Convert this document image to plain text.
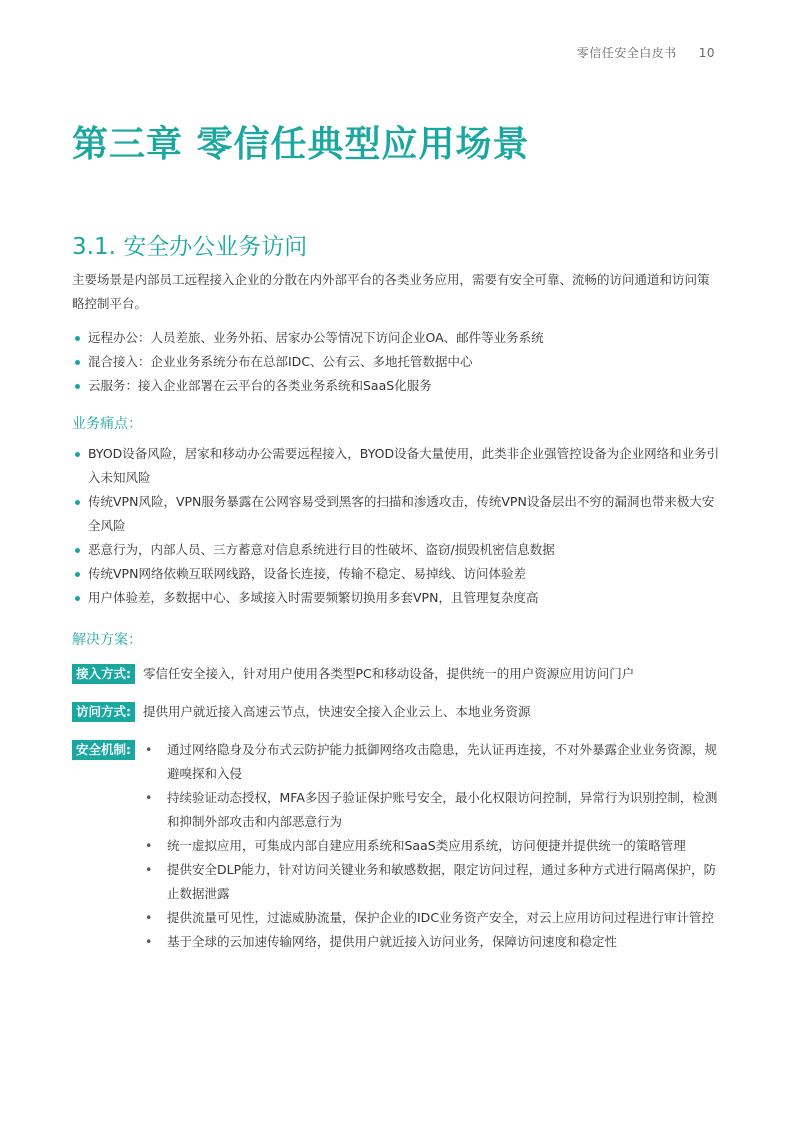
零信任安全白皮书 10
第三章 零信任典型应用场景
3.1. 安全办公业务访问

主要场景是内部员工远程接入企业的分散在内外部平台的各类业务应用，需要有安全可靠、流畅的访问通道和访问策略控制平台。

远程办公：人员差旅、业务外拓、居家办公等情况下访问企业OA、邮件等业务系统
混合接入：企业业务系统分布在总部IDC、公有云、多地托管数据中心
云服务：接入企业部署在云平台的各类业务系统和SaaS化服务
业务痛点：
BYOD设备风险，居家和移动办公需要远程接入，BYOD设备大量使用，此类非企业强管控设备为企业网络和业务引入未知风险
传统VPN风险，VPN服务暴露在公网容易受到黑客的扫描和渗透攻击，传统VPN设备层出不穷的漏洞也带来极大安全风险
恶意行为，内部人员、三方蓄意对信息系统进行目的性破坏、盗窃/损毁机密信息数据
传统VPN网络依赖互联网线路，设备长连接，传输不稳定、易掉线、访问体验差
用户体验差，多数据中心、多域接入时需要频繁切换用多套VPN，且管理复杂度高
解决方案：
接入方式: 零信任安全接入，针对用户使用各类型PC和移动设备，提供统一的用户资源应用访问门户
访问方式: 提供用户就近接入高速云节点，快速安全接入企业云上、本地业务资源
安全机制:
•	通过网络隐身及分布式云防护能力抵御网络攻击隐患，先认证再连接，不对外暴露企业业务资源，规避嗅探和入侵
• 持续验证动态授权，MFA多因子验证保护账号安全，最小化权限访问控制，异常行为识别控制，检测和抑制外部攻击和内部恶意行为
• 统一虚拟应用，可集成内部自建应用系统和SaaS类应用系统，访问便捷并提供统一的策略管理
• 提供安全DLP能力，针对访问关键业务和敏感数据，限定访问过程，通过多种方式进行隔离保护，防止数据泄露
• 提供流量可见性，过滤威胁流量，保护企业的IDC业务资产安全，对云上应用访问过程进行审计管控
• 基于全球的云加速传输网络，提供用户就近接入访问业务，保障访问速度和稳定性
